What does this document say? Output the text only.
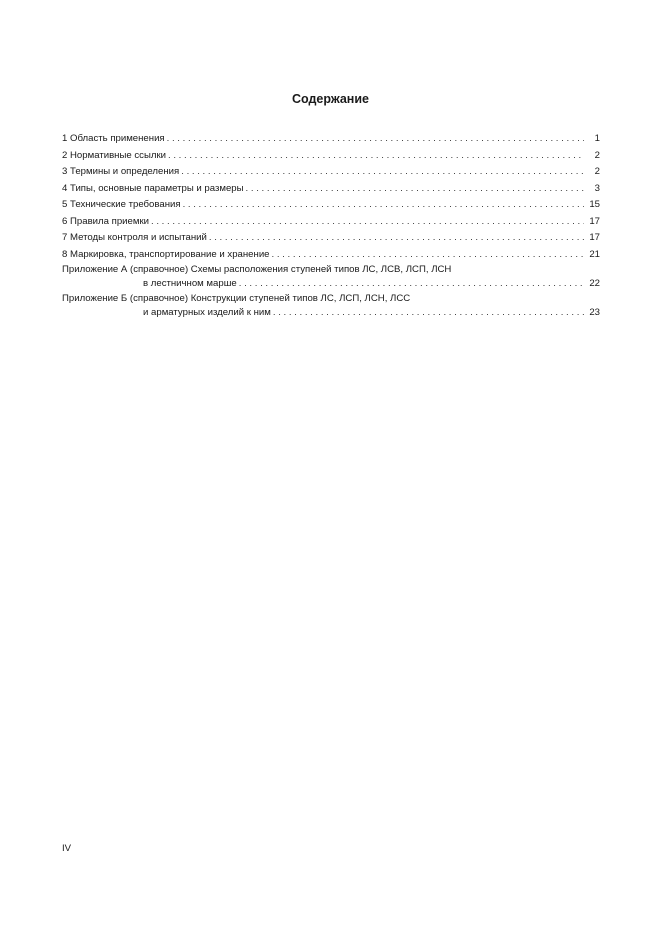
Содержание
1 Область применения . . .	1
2 Нормативные ссылки . . .	2
3 Термины и определения . . .	2
4 Типы, основные параметры и размеры . . .	3
5 Технические требования . . .	15
6 Правила приемки . . .	17
7 Методы контроля и испытаний . . .	17
8 Маркировка, транспортирование и хранение . . .	21
Приложение А (справочное) Схемы расположения ступеней типов ЛС, ЛСВ, ЛСП, ЛСН
в лестничном марше . . .	22
Приложение Б (справочное) Конструкции ступеней типов ЛС, ЛСП, ЛСН, ЛСС
и арматурных изделий к ним . . .	23
IV
